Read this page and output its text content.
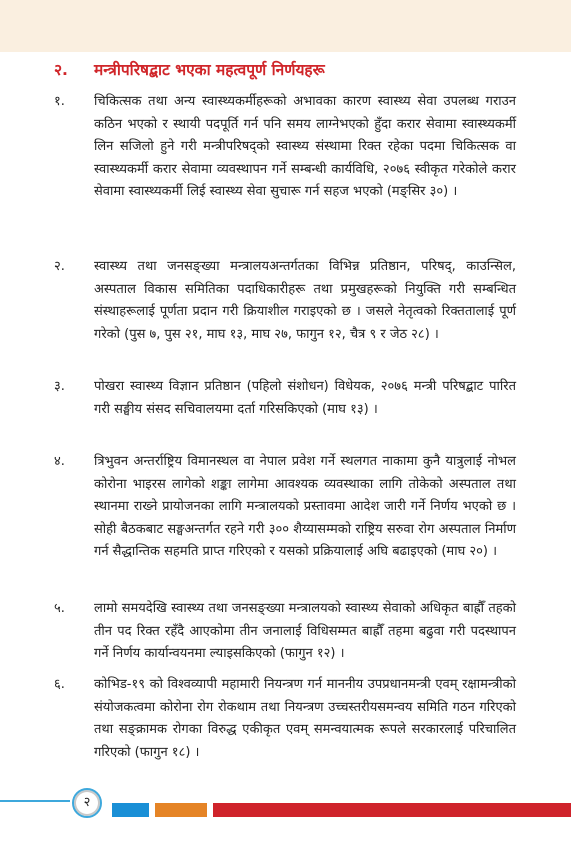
२.	मन्त्रीपरिषद्बाट भएका महत्वपूर्ण निर्णयहरू
१.	चिकित्सक तथा अन्य स्वास्थ्यकर्मीहरूको अभावका कारण स्वास्थ्य सेवा उपलब्ध गराउन कठिन भएको र स्थायी पदपूर्ति गर्न पनि समय लाग्नेभएको हुँदा करार सेवामा स्वास्थ्यकर्मी लिन सजिलो हुने गरी मन्त्रीपरिषद्को स्वास्थ्य संस्थामा रिक्त रहेका पदमा चिकित्सक वा स्वास्थ्यकर्मी करार सेवामा व्यवस्थापन गर्ने सम्बन्धी कार्यविधि, २०७६ स्वीकृत गरेकोले करार सेवामा स्वास्थ्यकर्मी लिई स्वास्थ्य सेवा सुचारू गर्न सहज भएको (मङ्सिर ३०) ।
२.	स्वास्थ्य तथा जनसङ्ख्या मन्त्रालयअन्तर्गतका विभिन्न प्रतिष्ठान, परिषद्, काउन्सिल, अस्पताल विकास समितिका पदाधिकारीहरू तथा प्रमुखहरूको नियुक्ति गरी सम्बन्धित संस्थाहरूलाई पूर्णता प्रदान गरी क्रियाशील गराइएको छ । जसले नेतृत्वको रिक्ततालाई पूर्ण गरेको (पुस ७, पुस २१, माघ १३, माघ २७, फागुन १२, चैत्र ९ र जेठ २८) ।
३.	पोखरा स्वास्थ्य विज्ञान प्रतिष्ठान (पहिलो संशोधन) विधेयक, २०७६ मन्त्री परिषद्बाट पारित गरी सङ्घीय संसद सचिवालयमा दर्ता गरिसकिएको (माघ १३) ।
४.	त्रिभुवन अन्तर्राष्ट्रिय विमानस्थल वा नेपाल प्रवेश गर्ने स्थलगत नाकामा कुनै यात्रुलाई नोभल कोरोना भाइरस लागेको शङ्का लागेमा आवश्यक व्यवस्थाका लागि तोकेको अस्पताल तथा स्थानमा राख्ने प्रायोजनका लागि मन्त्रालयको प्रस्तावमा आदेश जारी गर्ने निर्णय भएको छ । सोही बैठकबाट सङ्घअन्तर्गत रहने गरी ३०० शैय्यासम्मको राष्ट्रिय सरुवा रोग अस्पताल निर्माण गर्न सैद्धान्तिक सहमति प्राप्त गरिएको र यसको प्रक्रियालाई अघि बढाइएको (माघ २०) ।
५.	लामो समयदेखि स्वास्थ्य तथा जनसङ्ख्या मन्त्रालयको स्वास्थ्य सेवाको अधिकृत बाह्रौँ तहको तीन पद रिक्त रहँदै आएकोमा तीन जनालाई विधिसम्मत बाह्रौँ तहमा बढुवा गरी पदस्थापन गर्ने निर्णय कार्यान्वयनमा ल्याइसकिएको (फागुन १२) ।
६.	कोभिड-१९ को विश्वव्यापी महामारी नियन्त्रण गर्न माननीय उपप्रधानमन्त्री एवम् रक्षामन्त्रीको संयोजकत्वमा कोरोना रोग रोकथाम तथा नियन्त्रण उच्चस्तरीयसमन्वय समिति गठन गरिएको तथा सङ्क्रामक रोगका विरुद्ध एकीकृत एवम् समन्वयात्मक रूपले सरकारलाई परिचालित गरिएको (फागुन १८) ।
२
